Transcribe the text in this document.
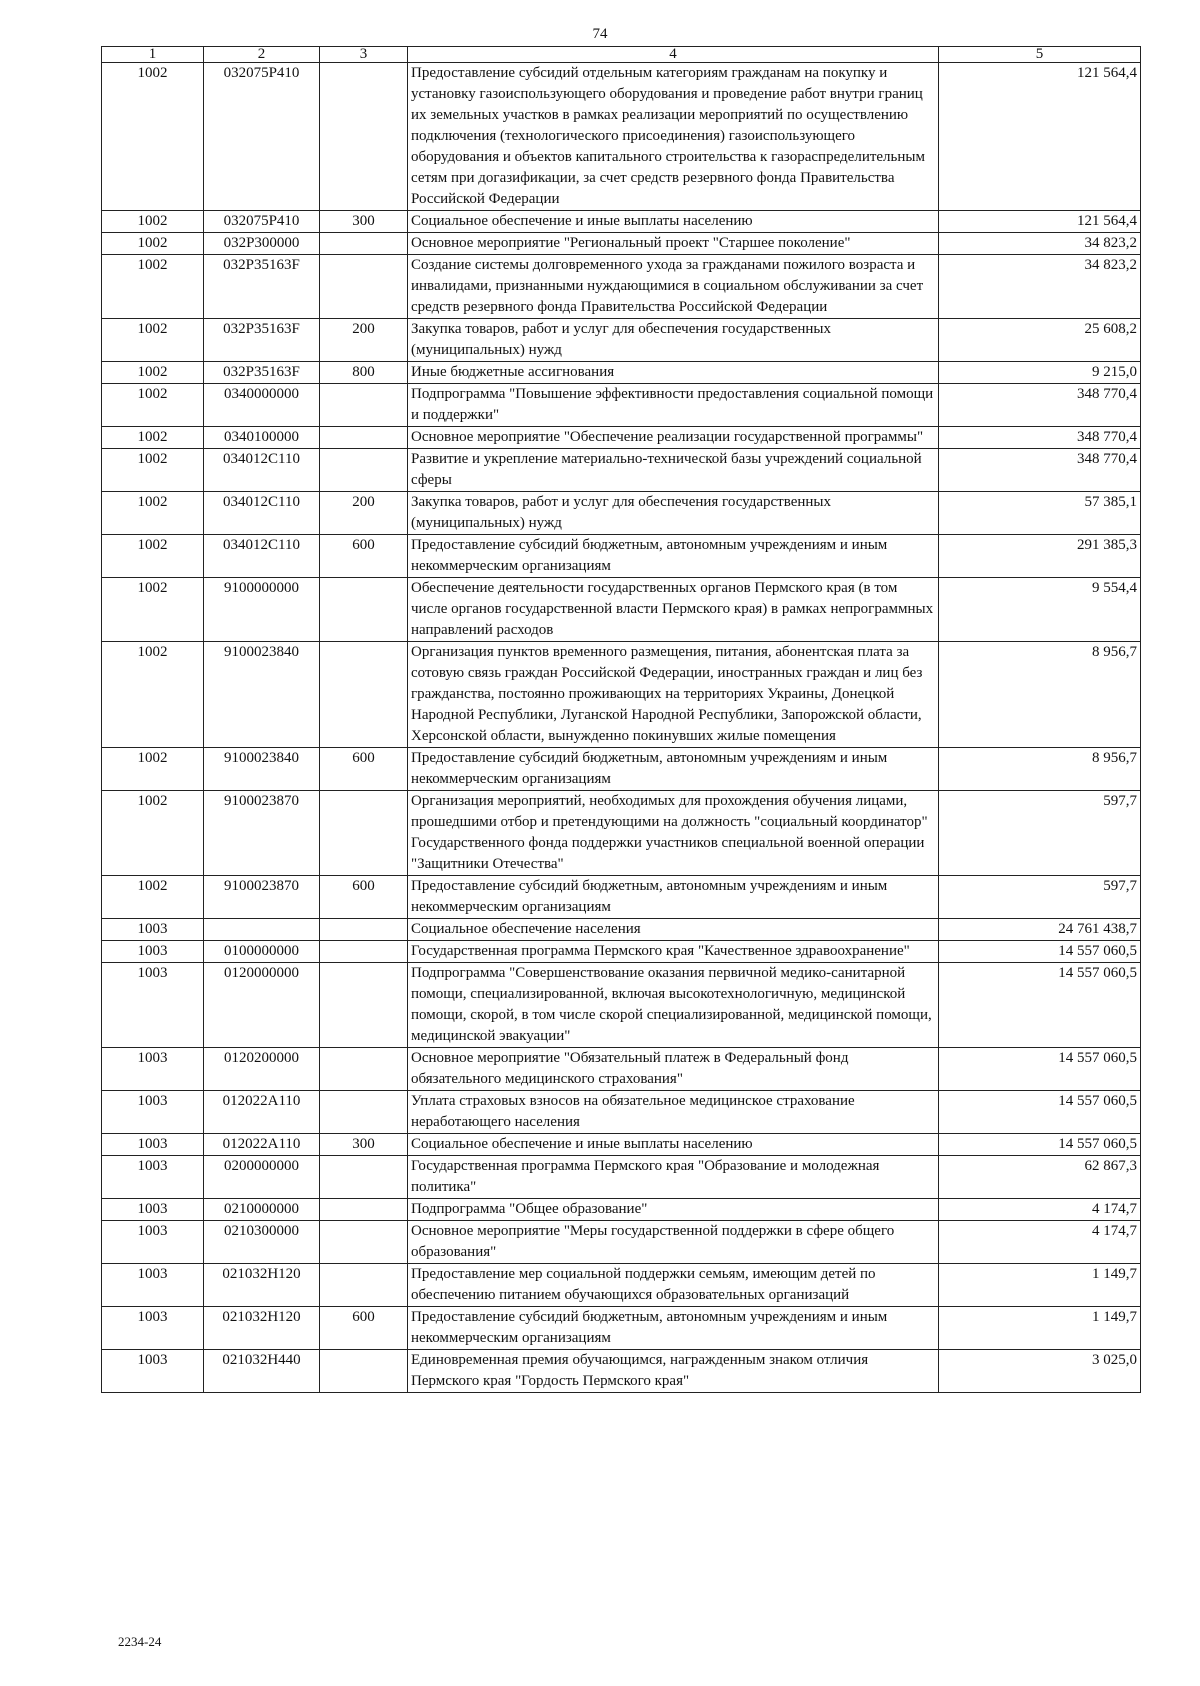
74
1	2	3	4	5
1002	032075P410		Предоставление субсидий отдельным категориям гражданам на покупку и установку газоиспользующего оборудования и проведение работ внутри границ их земельных участков в рамках реализации мероприятий по осуществлению подключения (технологического присоединения) газоиспользующего оборудования и объектов капитального строительства к газораспределительным сетям при догазификации, за счет средств резервного фонда Правительства Российской Федерации	121 564,4
1002	032075P410	300	Социальное обеспечение и иные выплаты населению	121 564,4
1002	032P300000		Основное мероприятие "Региональный проект "Старшее поколение"	34 823,2
1002	032P35163F		Создание системы долговременного ухода за гражданами пожилого возраста и инвалидами, признанными нуждающимися в социальном обслуживании за счет средств резервного фонда Правительства Российской Федерации	34 823,2
1002	032P35163F	200	Закупка товаров, работ и услуг для обеспечения государственных (муниципальных) нужд	25 608,2
1002	032P35163F	800	Иные бюджетные ассигнования	9 215,0
1002	0340000000		Подпрограмма "Повышение эффективности предоставления социальной помощи и поддержки"	348 770,4
1002	0340100000		Основное мероприятие "Обеспечение реализации государственной программы"	348 770,4
1002	034012C110		Развитие и укрепление материально-технической базы учреждений социальной сферы	348 770,4
1002	034012C110	200	Закупка товаров, работ и услуг для обеспечения государственных (муниципальных) нужд	57 385,1
1002	034012C110	600	Предоставление субсидий бюджетным, автономным учреждениям и иным некоммерческим организациям	291 385,3
1002	9100000000		Обеспечение деятельности государственных органов Пермского края (в том числе органов государственной власти Пермского края) в рамках непрограммных направлений расходов	9 554,4
1002	9100023840		Организация пунктов временного размещения, питания, абонентская плата за сотовую связь граждан Российской Федерации, иностранных граждан и лиц без гражданства, постоянно проживающих на территориях Украины, Донецкой Народной Республики, Луганской Народной Республики, Запорожской области, Херсонской области, вынужденно покинувших жилые помещения	8 956,7
1002	9100023840	600	Предоставление субсидий бюджетным, автономным учреждениям и иным некоммерческим организациям	8 956,7
1002	9100023870		Организация мероприятий, необходимых для прохождения обучения лицами, прошедшими отбор и претендующими на должность "социальный координатор" Государственного фонда поддержки участников специальной военной операции "Защитники Отечества"	597,7
1002	9100023870	600	Предоставление субсидий бюджетным, автономным учреждениям и иным некоммерческим организациям	597,7
1003			Социальное обеспечение населения	24 761 438,7
1003	0100000000		Государственная программа Пермского края "Качественное здравоохранение"	14 557 060,5
1003	0120000000		Подпрограмма "Совершенствование оказания первичной медико-санитарной помощи, специализированной, включая высокотехнологичную, медицинской помощи, скорой, в том числе скорой специализированной, медицинской помощи, медицинской эвакуации"	14 557 060,5
1003	0120200000		Основное мероприятие "Обязательный платеж в Федеральный фонд обязательного медицинского страхования"	14 557 060,5
1003	012022A110		Уплата страховых взносов на обязательное медицинское страхование неработающего населения	14 557 060,5
1003	012022A110	300	Социальное обеспечение и иные выплаты населению	14 557 060,5
1003	0200000000		Государственная программа Пермского края "Образование и молодежная политика"	62 867,3
1003	0210000000		Подпрограмма "Общее образование"	4 174,7
1003	0210300000		Основное мероприятие "Меры государственной поддержки в сфере общего образования"	4 174,7
1003	021032H120		Предоставление мер социальной поддержки семьям, имеющим детей по обеспечению питанием обучающихся образовательных организаций	1 149,7
1003	021032H120	600	Предоставление субсидий бюджетным, автономным учреждениям и иным некоммерческим организациям	1 149,7
1003	021032H440		Единовременная премия обучающимся, награжденным знаком отличия Пермского края "Гордость Пермского края"	3 025,0
2234-24
